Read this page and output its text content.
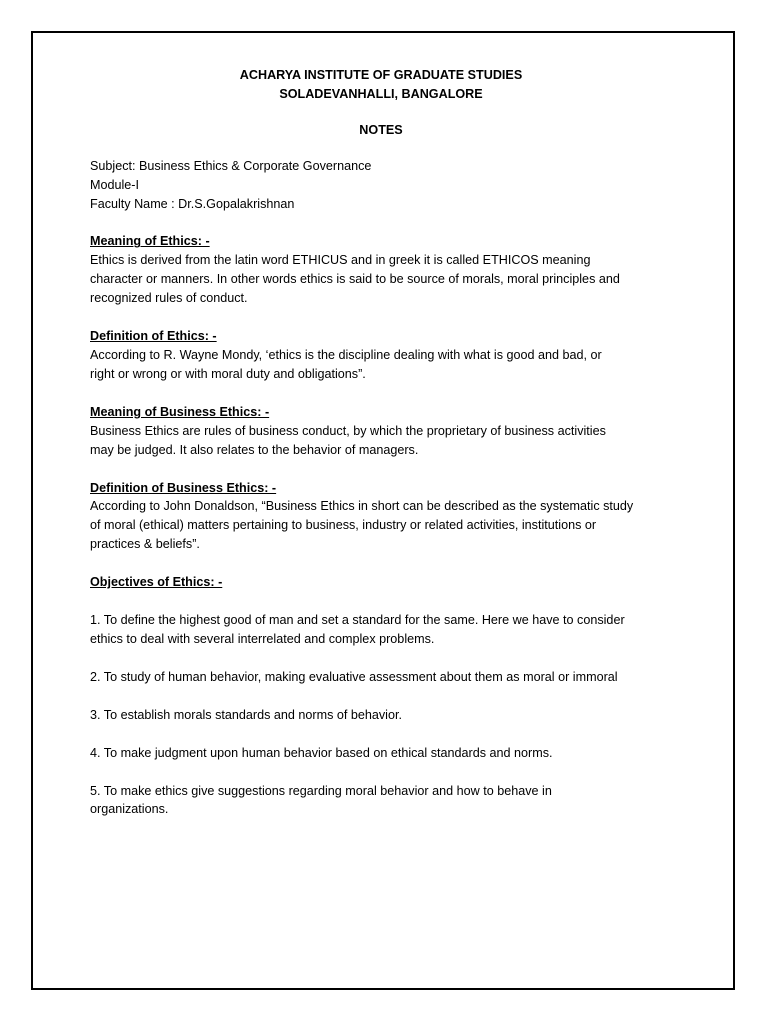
ACHARYA INSTITUTE OF GRADUATE STUDIES
SOLADEVANHALLI, BANGALORE
NOTES

Subject: Business Ethics & Corporate Governance

Module-I

Faculty Name : Dr.S.Gopalakrishnan

Meaning of Ethics: -

Ethics is derived from the latin word ETHICUS and in greek it is called ETHICOS meaning

character or manners. In other words ethics is said to be source of morals, moral principles and

recognized rules of conduct.

Definition of Ethics: -

According to R. Wayne Mondy, ‘ethics is the discipline dealing with what is good and bad, or

right or wrong or with moral duty and obligations”.

Meaning of Business Ethics: -

Business Ethics are rules of business conduct, by which the proprietary of business activities

may be judged. It also relates to the behavior of managers.

Definition of Business Ethics: -

According to John Donaldson, “Business Ethics in short can be described as the systematic study

of moral (ethical) matters pertaining to business, industry or related activities, institutions or

practices & beliefs”.

Objectives of Ethics: -

1. To define the highest good of man and set a standard for the same. Here we have to consider

ethics to deal with several interrelated and complex problems.

2. To study of human behavior, making evaluative assessment about them as moral or immoral

3. To establish morals standards and norms of behavior.

4. To make judgment upon human behavior based on ethical standards and norms.

5. To make ethics give suggestions regarding moral behavior and how to behave in

organizations.
